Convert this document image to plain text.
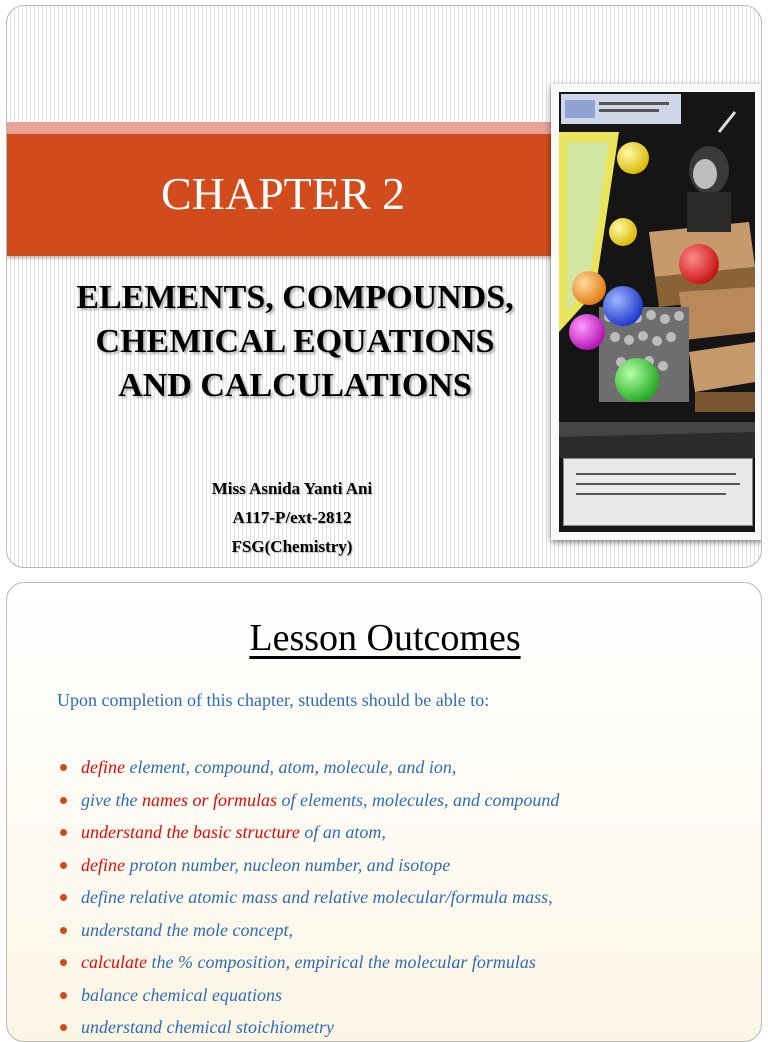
CHAPTER 2
ELEMENTS, COMPOUNDS,
CHEMICAL EQUATIONS
AND CALCULATIONS
Miss Asnida Yanti Ani
A117-P/ext-2812
FSG(Chemistry)
Lesson Outcomes

Upon completion of this chapter, students should be able to:

define element, compound, atom, molecule, and ion,
give the names or formulas of elements, molecules, and compound
understand the basic structure of an atom,
define proton number, nucleon number, and isotope
define relative atomic mass and relative molecular/formula mass,
understand the mole concept,
calculate the % composition, empirical the molecular formulas
balance chemical equations
understand chemical stoichiometry
